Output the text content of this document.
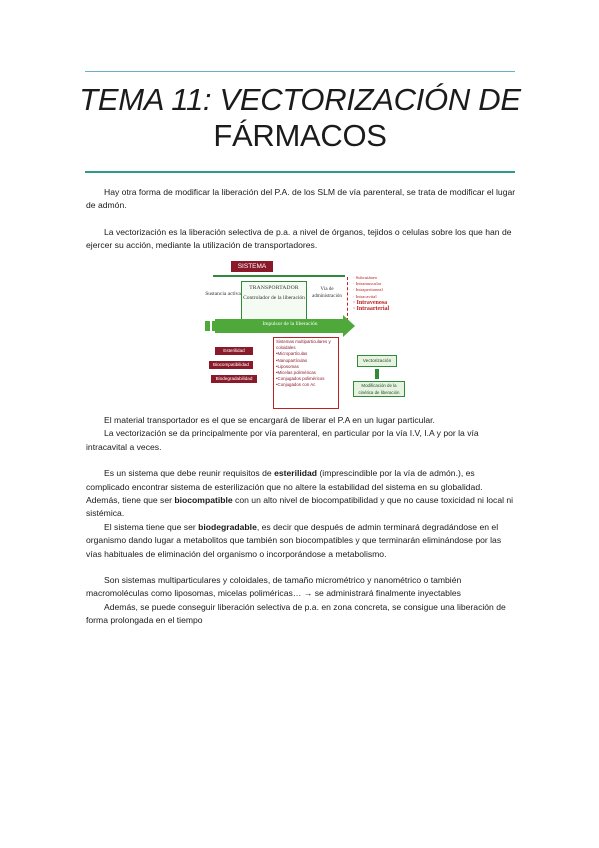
TEMA 11: VECTORIZACIÓN DE
FÁRMACOS

Hay otra forma de modificar la liberación del P.A. de los SLM de vía parenteral, se trata de modificar el lugar de admón.

La vectorización es la liberación selectiva de p.a. a nivel de órganos, tejidos o celulas sobre los que han de ejercer su acción, mediante la utilización de transportadores.

SISTEMA
Sustancia activa
TRANSPORTADOR
Controlador de la liberación
Vía de administración
· Subcutáneo
· Intramuscular
· Intraperitoneal
· Intracavital
· Intravenosa
· Intraarterial
Impulsor de la liberación
Esterilidad
Biocompatibilidad
Biodegradabilidad
Sistemas multiparticulares y coloidales
•Micropartículas
•Nanopartículas
•Liposomas
•Micelas poliméricas
•Conjugados poliméricos
•Conjugados con Ac
Vectorización
Modificación de la cinética de liberación

El material transportador es el que se encargará de liberar el P.A en un lugar particular.

La vectorización se da principalmente por vía parenteral, en particular por la vía I.V, I.A y por la vía intracavital a veces.

Es un sistema que debe reunir requisitos de esterilidad (imprescindible por la vía de admón.), es complicado encontrar sistema de esterilización que no altere la estabilidad del sistema en su globalidad. Además, tiene que ser biocompatible con un alto nivel de biocompatibilidad y que no cause toxicidad ni local ni sistémica.

El sistema tiene que ser biodegradable, es decir que después de admin terminará degradándose en el organismo dando lugar a metabolitos que también son biocompatibles y que terminarán eliminándose por las vías habituales de eliminación del organismo o incorporándose a metabolismo.

Son sistemas multiparticulares y coloidales, de tamaño micrométrico y nanométrico o también macromoléculas como liposomas, micelas poliméricas… → se administrará finalmente inyectables

Además, se puede conseguir liberación selectiva de p.a. en zona concreta, se consigue una liberación de forma prolongada en el tiempo
